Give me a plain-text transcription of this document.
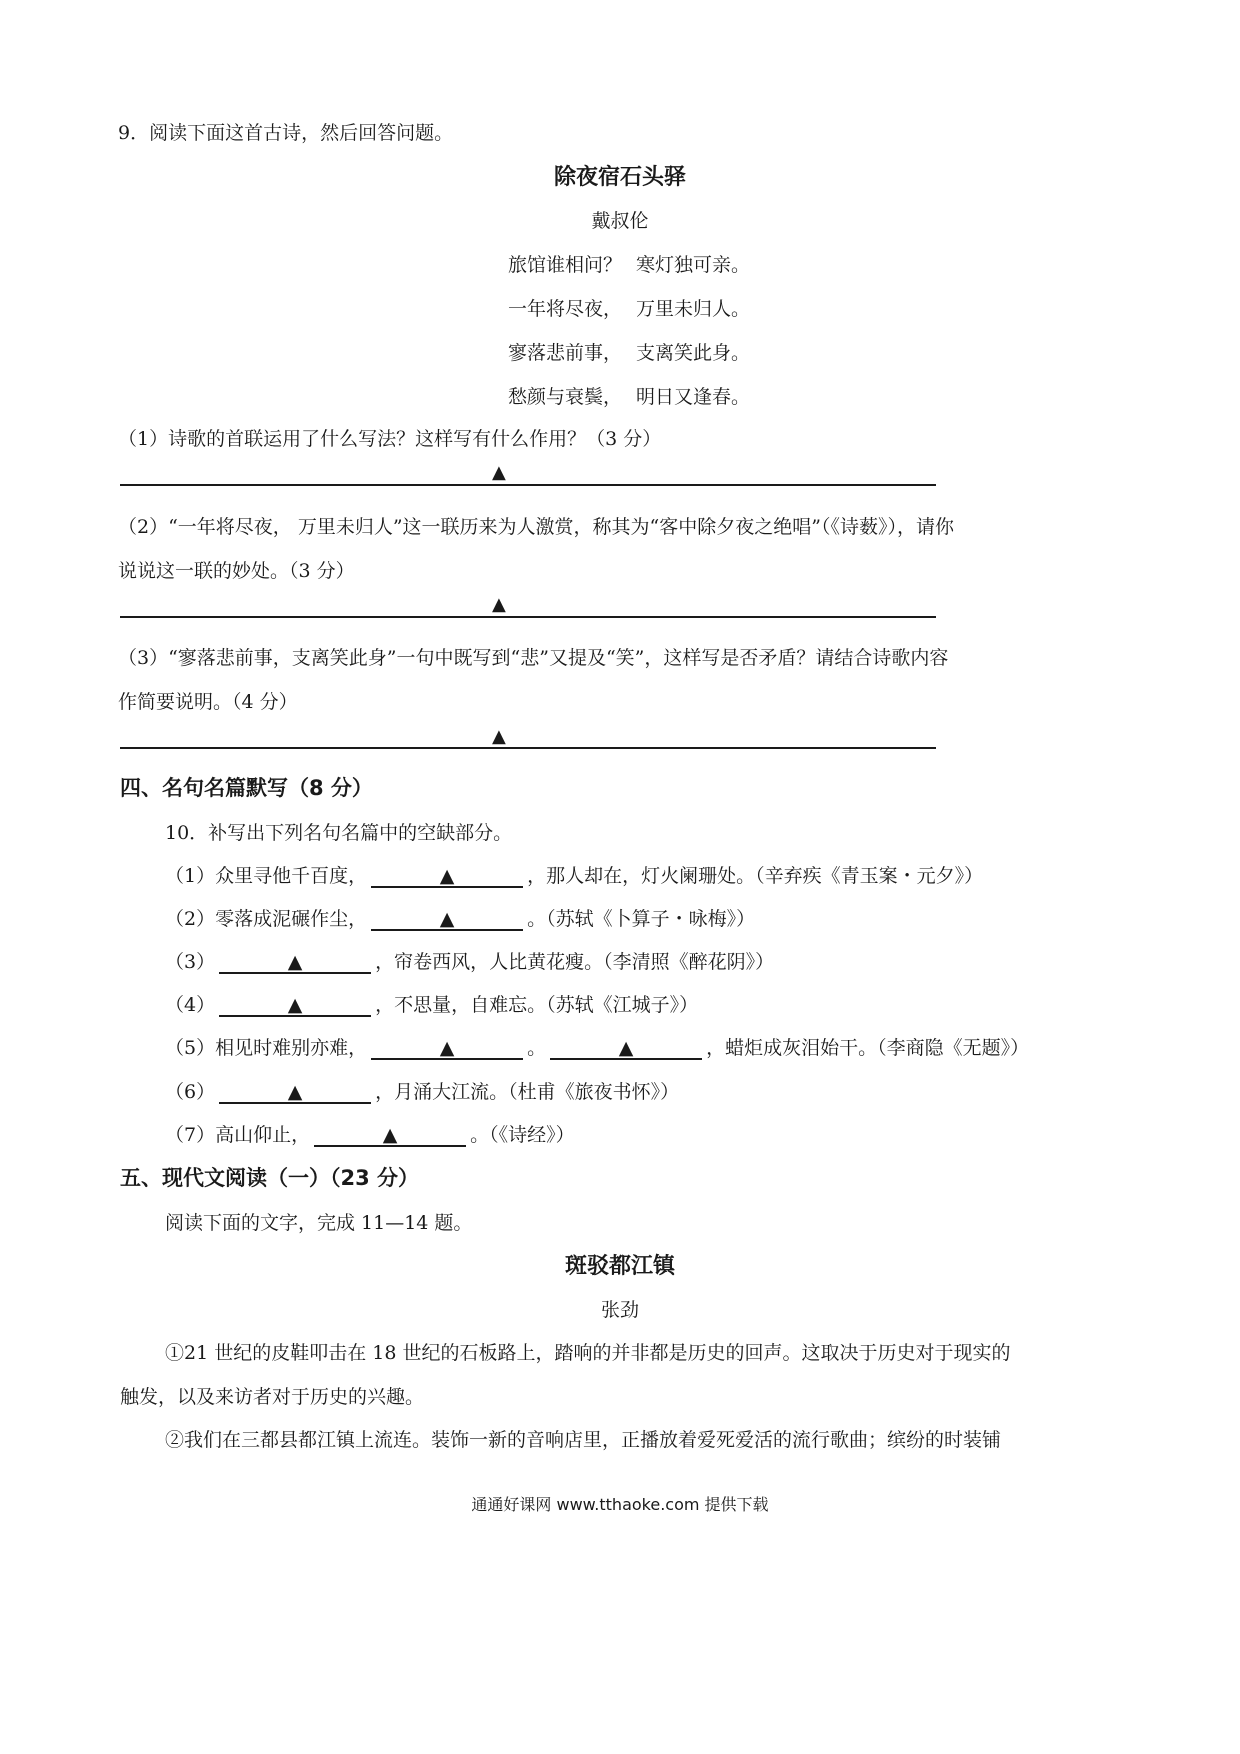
9．阅读下面这首古诗，然后回答问题。
除夜宿石头驿
戴叔伦
旅馆谁相问？ 寒灯独可亲。
一年将尽夜， 万里未归人。
寥落悲前事， 支离笑此身。
愁颜与衰鬓， 明日又逢春。
（1）诗歌的首联运用了什么写法？这样写有什么作用？（3 分）
▲
（2）“一年将尽夜， 万里未归人”这一联历来为人激赏，称其为“客中除夕夜之绝唱”（《诗薮》），请你
说说这一联的妙处。（3 分）
▲
（3）“寥落悲前事，支离笑此身”一句中既写到“悲”又提及“笑”，这样写是否矛盾？请结合诗歌内容
作简要说明。（4 分）
▲
四、名句名篇默写（8 分）
10．补写出下列名句名篇中的空缺部分。
（1）众里寻他千百度，	▲	，那人却在，灯火阑珊处。（辛弃疾《青玉案・元夕》）
（2）零落成泥碾作尘，	▲	。（苏轼《卜算子・咏梅》）
（3）	▲	，帘卷西风，人比黄花瘦。（李清照《醉花阴》）
（4）	▲	，不思量，自难忘。（苏轼《江城子》）
（5）相见时难别亦难，	▲	。	▲	，蜡炬成灰泪始干。（李商隐《无题》）
（6）	▲	，月涌大江流。（杜甫《旅夜书怀》）
（7）高山仰止，	▲	。（《诗经》）
五、现代文阅读（一）（23 分）
阅读下面的文字，完成 11—14 题。
斑驳都江镇
张劲
①21 世纪的皮鞋叩击在 18 世纪的石板路上，踏响的并非都是历史的回声。这取决于历史对于现实的
触发，以及来访者对于历史的兴趣。
②我们在三都县都江镇上流连。装饰一新的音响店里，正播放着爱死爱活的流行歌曲；缤纷的时装铺
通通好课网 www.tthaoke.com 提供下载
